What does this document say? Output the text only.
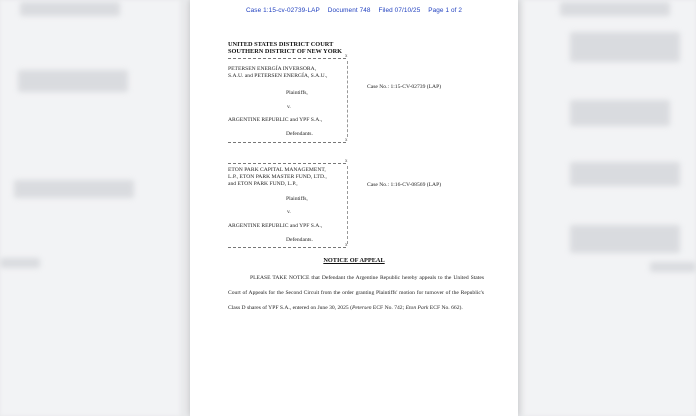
Case 1:15-cv-02739-LAP Document 748 Filed 07/10/25 Page 1 of 2
UNITED STATES DISTRICT COURT
SOUTHERN DISTRICT OF NEW YORK
x
PETERSEN ENERGÍA INVERSORA,
S.A.U. and PETERSEN ENERGÍA, S.A.U.,
Plaintiffs,
v.
ARGENTINE REPUBLIC and YPF S.A.,
Defendants.
Case No.: 1:15-CV-02739 (LAP)
x
x
ETON PARK CAPITAL MANAGEMENT,
L.P., ETON PARK MASTER FUND, LTD.,
and ETON PARK FUND, L.P.,
Plaintiffs,
v.
ARGENTINE REPUBLIC and YPF S.A.,
Defendants.
Case No.: 1:16-CV-08569 (LAP)
x
NOTICE OF APPEAL
PLEASE TAKE NOTICE that Defendant the Argentine Republic hereby appeals to the United States Court of Appeals for the Second Circuit from the order granting Plaintiffs' motion for turnover of the Republic's Class D shares of YPF S.A., entered on June 30, 2025 (Petersen ECF No. 742; Eton Park ECF No. 662).
